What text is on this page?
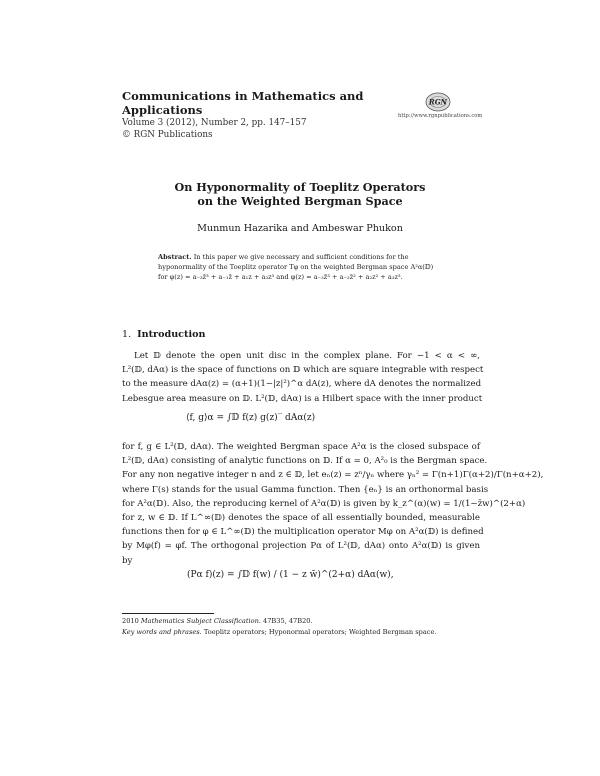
Communications in Mathematics and Applications
Volume 3 (2012), Number 2, pp. 147–157
© RGN Publications
RGN
http://www.rgnpublications.com
On Hyponormality of Toeplitz Operators
on the Weighted Bergman Space
Munmun Hazarika and Ambeswar Phukon
Abstract. In this paper we give necessary and sufficient conditions for the
hyponormality of the Toeplitz operator Tφ on the weighted Bergman space A²α(𝔻)
for φ(z) = a₋₃z̄³ + a₋₁z̄ + a₁z + a₃z³ and φ(z) = a₋₃z̄³ + a₋₂z̄² + a₂z² + a₃z³.
1. Introduction
Let 𝔻 denote the open unit disc in the complex plane. For −1 < α < ∞,
L²(𝔻, dAα) is the space of functions on 𝔻 which are square integrable with respect
to the measure dAα(z) = (α+1)(1−|z|²)^α dA(z), where dA denotes the normalized
Lebesgue area measure on 𝔻. L²(𝔻, dAα) is a Hilbert space with the inner product
⟨f, g⟩α = ∫𝔻 f(z) g(z)‾ dAα(z)
for f, g ∈ L²(𝔻, dAα). The weighted Bergman space A²α is the closed subspace of
L²(𝔻, dAα) consisting of analytic functions on 𝔻. If α = 0, A²₀ is the Bergman space.
For any non negative integer n and z ∈ 𝔻, let eₙ(z) = zⁿ/γₙ where γₙ² = Γ(n+1)Γ(α+2)/Γ(n+α+2),
where Γ(s) stands for the usual Gamma function. Then {eₙ} is an orthonormal basis
for A²α(𝔻). Also, the reproducing kernel of A²α(𝔻) is given by k_z^(α)(w) = 1/(1−z̄w)^(2+α)
for z, w ∈ 𝔻. If L^∞(𝔻) denotes the space of all essentially bounded, measurable
functions then for φ ∈ L^∞(𝔻) the multiplication operator Mφ on A²α(𝔻) is defined
by Mφ(f) = φf. The orthogonal projection Pα of L²(𝔻, dAα) onto A²α(𝔻) is given
by
(Pα f)(z) = ∫𝔻 f(w) / (1 − z w̄)^(2+α) dAα(w),
2010 Mathematics Subject Classification. 47B35, 47B20.
Key words and phrases. Toeplitz operators; Hyponormal operators; Weighted Bergman space.
